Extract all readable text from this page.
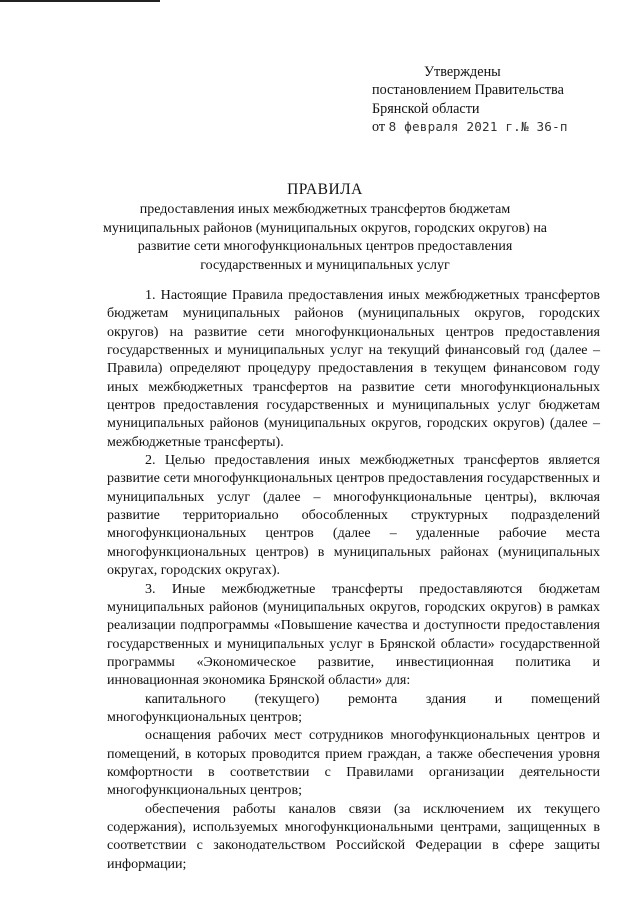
Утверждены
постановлением Правительства
Брянской области
от 8 февраля 2021 г.№ 36-п
ПРАВИЛА
предоставления иных межбюджетных трансфертов бюджетам муниципальных районов (муниципальных округов, городских округов) на развитие сети многофункциональных центров предоставления государственных и муниципальных услуг

1. Настоящие Правила предоставления иных межбюджетных трансфертов бюджетам муниципальных районов (муниципальных округов, городских округов) на развитие сети многофункциональных центров предоставления государственных и муниципальных услуг на текущий финансовый год (далее – Правила) определяют процедуру предоставления в текущем финансовом году иных межбюджетных трансфертов на развитие сети многофункциональных центров предоставления государственных и муниципальных услуг бюджетам муниципальных районов (муниципальных округов, городских округов) (далее – межбюджетные трансферты).

2. Целью предоставления иных межбюджетных трансфертов является развитие сети многофункциональных центров предоставления государственных и муниципальных услуг (далее – многофункциональные центры), включая развитие территориально обособленных структурных подразделений многофункциональных центров (далее – удаленные рабочие места многофункциональных центров) в муниципальных районах (муниципальных округах, городских округах).

3. Иные межбюджетные трансферты предоставляются бюджетам муниципальных районов (муниципальных округов, городских округов) в рамках реализации подпрограммы «Повышение качества и доступности предоставления государственных и муниципальных услуг в Брянской области» государственной программы «Экономическое развитие, инвестиционная политика и инновационная экономика Брянской области» для:

капитального (текущего) ремонта здания и помещений многофункциональных центров;

оснащения рабочих мест сотрудников многофункциональных центров и помещений, в которых проводится прием граждан, а также обеспечения уровня комфортности в соответствии с Правилами организации деятельности многофункциональных центров;

обеспечения работы каналов связи (за исключением их текущего содержания), используемых многофункциональными центрами, защищенных в соответствии с законодательством Российской Федерации в сфере защиты информации;
